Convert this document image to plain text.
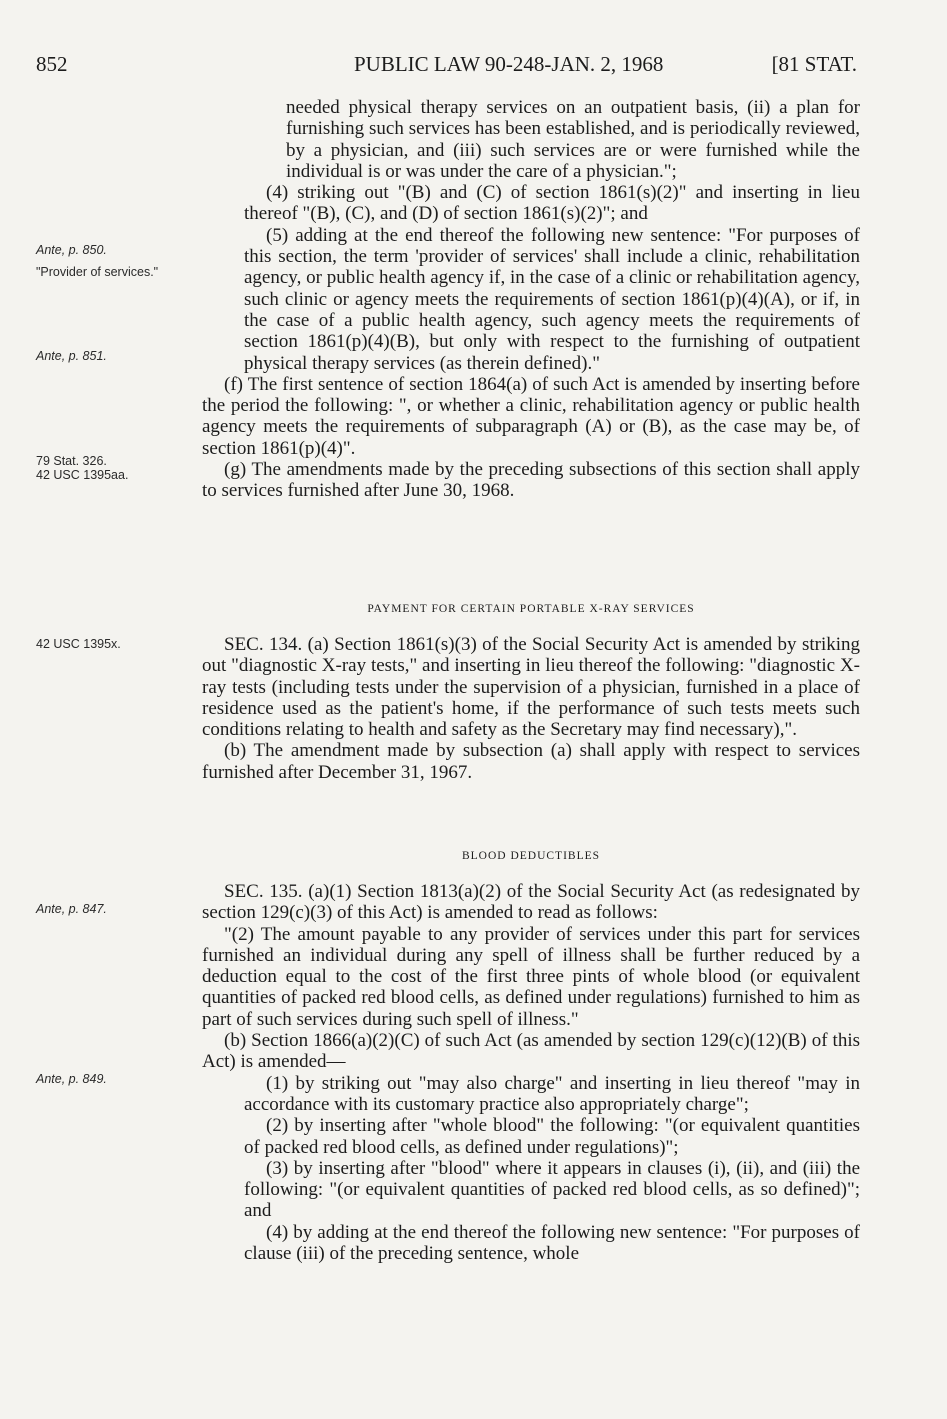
852	PUBLIC LAW 90-248-JAN. 2, 1968	[81 STAT.
Ante, p. 850.
"Provider of services."
Ante, p. 851.
79 Stat. 326.
42 USC 1395aa.
42 USC 1395x.
Ante, p. 847.
Ante, p. 849.

needed physical therapy services on an outpatient basis, (ii) a plan for furnishing such services has been established, and is periodically reviewed, by a physician, and (iii) such services are or were furnished while the individual is or was under the care of a physician.";

(4) striking out "(B) and (C) of section 1861(s)(2)" and inserting in lieu thereof "(B), (C), and (D) of section 1861(s)(2)"; and

(5) adding at the end thereof the following new sentence: "For purposes of this section, the term 'provider of services' shall include a clinic, rehabilitation agency, or public health agency if, in the case of a clinic or rehabilitation agency, such clinic or agency meets the requirements of section 1861(p)(4)(A), or if, in the case of a public health agency, such agency meets the requirements of section 1861(p)(4)(B), but only with respect to the furnishing of outpatient physical therapy services (as therein defined)."

(f) The first sentence of section 1864(a) of such Act is amended by inserting before the period the following: ", or whether a clinic, rehabilitation agency or public health agency meets the requirements of subparagraph (A) or (B), as the case may be, of section 1861(p)(4)".

(g) The amendments made by the preceding subsections of this section shall apply to services furnished after June 30, 1968.

PAYMENT FOR CERTAIN PORTABLE X-RAY SERVICES

SEC. 134. (a) Section 1861(s)(3) of the Social Security Act is amended by striking out "diagnostic X-ray tests," and inserting in lieu thereof the following: "diagnostic X-ray tests (including tests under the supervision of a physician, furnished in a place of residence used as the patient's home, if the performance of such tests meets such conditions relating to health and safety as the Secretary may find necessary),".

(b) The amendment made by subsection (a) shall apply with respect to services furnished after December 31, 1967.

BLOOD DEDUCTIBLES

SEC. 135. (a)(1) Section 1813(a)(2) of the Social Security Act (as redesignated by section 129(c)(3) of this Act) is amended to read as follows:

"(2) The amount payable to any provider of services under this part for services furnished an individual during any spell of illness shall be further reduced by a deduction equal to the cost of the first three pints of whole blood (or equivalent quantities of packed red blood cells, as defined under regulations) furnished to him as part of such services during such spell of illness."

(b) Section 1866(a)(2)(C) of such Act (as amended by section 129(c)(12)(B) of this Act) is amended—

(1) by striking out "may also charge" and inserting in lieu thereof "may in accordance with its customary practice also appropriately charge";

(2) by inserting after "whole blood" the following: "(or equivalent quantities of packed red blood cells, as defined under regulations)";

(3) by inserting after "blood" where it appears in clauses (i), (ii), and (iii) the following: "(or equivalent quantities of packed red blood cells, as so defined)"; and

(4) by adding at the end thereof the following new sentence: "For purposes of clause (iii) of the preceding sentence, whole
